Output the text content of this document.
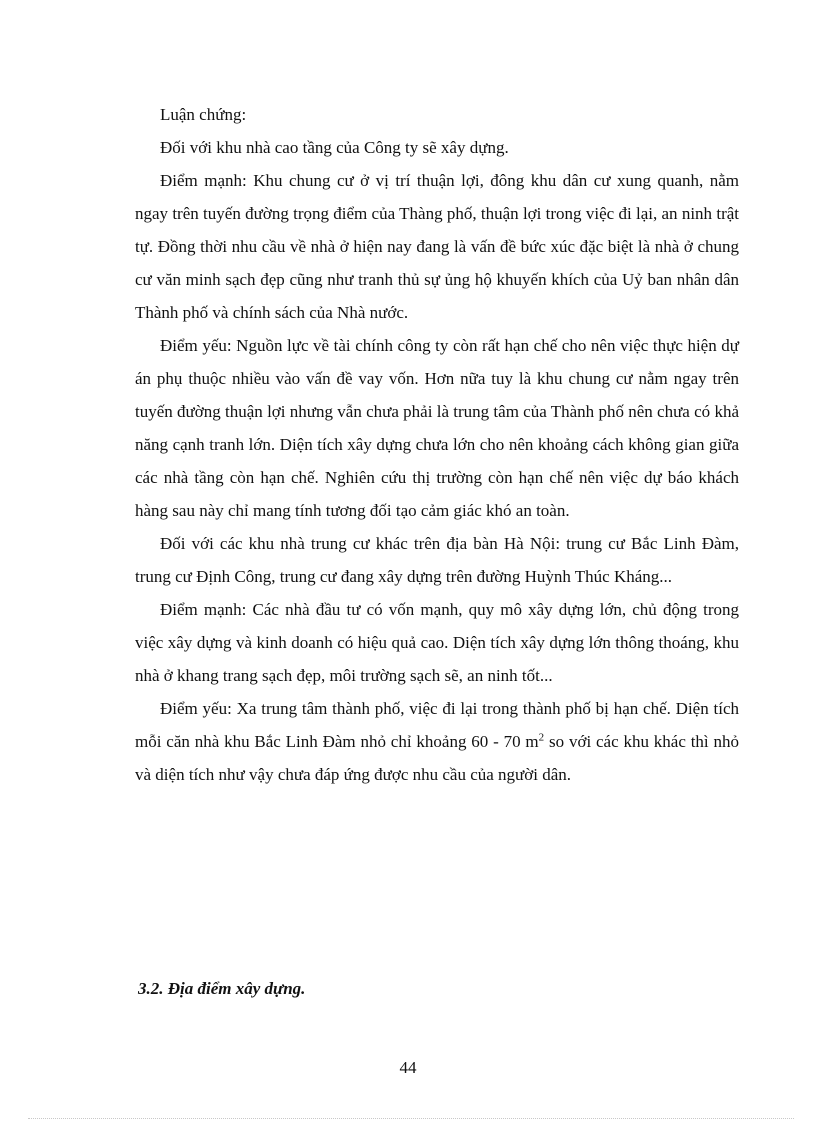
Luận chứng:

Đối với khu nhà cao tầng của Công ty sẽ xây dựng.

Điểm mạnh: Khu chung cư ở vị trí thuận lợi, đông khu dân cư xung quanh, nằm ngay trên tuyến đường trọng điểm của Thàng phố, thuận lợi trong việc đi lại, an ninh trật tự. Đồng thời nhu cầu về nhà ở hiện nay đang là vấn đề bức xúc đặc biệt là nhà ở chung cư văn minh sạch đẹp cũng như tranh thủ sự ủng hộ khuyến khích của Uỷ ban nhân dân Thành phố và chính sách của Nhà nước.

Điểm yếu: Nguồn lực về tài chính công ty còn rất hạn chế cho nên việc thực hiện dự án phụ thuộc nhiều vào vấn đề vay vốn. Hơn nữa tuy là khu chung cư nằm ngay trên tuyến đường thuận lợi nhưng vẫn chưa phải là trung tâm của Thành phố nên chưa có khả năng cạnh tranh lớn. Diện tích xây dựng chưa lớn cho nên khoảng cách không gian giữa các nhà tầng còn hạn chế. Nghiên cứu thị trường còn hạn chế nên việc dự báo khách hàng sau này chỉ mang tính tương đối tạo cảm giác khó an toàn.

Đối với các khu nhà trung cư khác trên địa bàn Hà Nội: trung cư Bắc Linh Đàm, trung cư Định Công, trung cư đang xây dựng trên đường Huỳnh Thúc Kháng...

Điểm mạnh: Các nhà đầu tư có vốn mạnh, quy mô xây dựng lớn, chủ động trong việc xây dựng và kinh doanh có hiệu quả cao. Diện tích xây dựng lớn thông thoáng, khu nhà ở khang trang sạch đẹp, môi trường sạch sẽ, an ninh tốt...

Điểm yếu: Xa trung tâm thành phố, việc đi lại trong thành phố bị hạn chế. Diện tích mỗi căn nhà khu Bắc Linh Đàm nhỏ chỉ khoảng 60 - 70 $m^2$ so với các khu khác thì nhỏ và diện tích như vậy chưa đáp ứng được nhu cầu của người dân.

3.2. Địa điểm xây dựng.
44
